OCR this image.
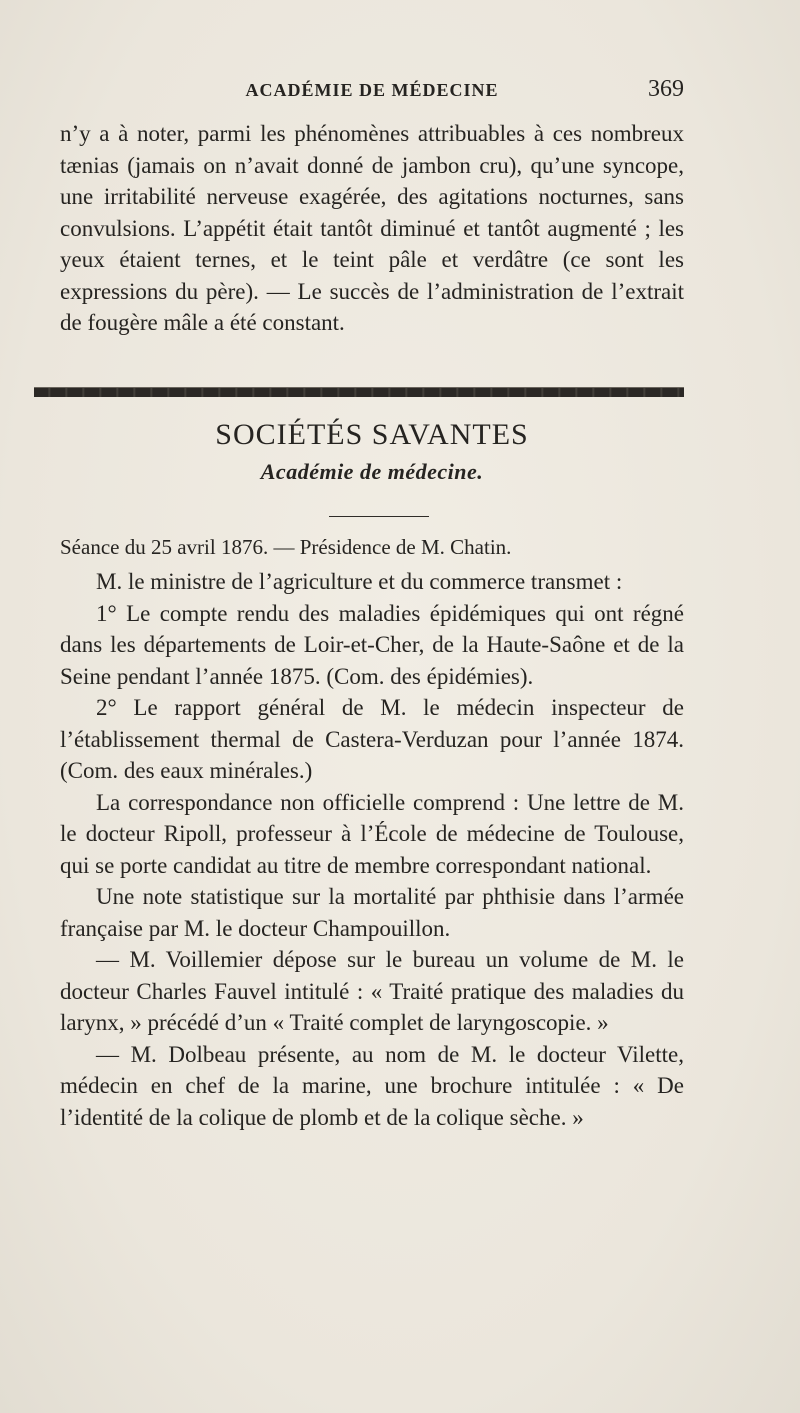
ACADÉMIE DE MÉDECINE	369

n’y a à noter, parmi les phénomènes attribuables à ces nombreux tænias (jamais on n’avait donné de jambon cru), qu’une syncope, une irritabilité nerveuse exagérée, des agitations nocturnes, sans convulsions. L’appétit était tantôt diminué et tantôt augmenté ; les yeux étaient ternes, et le teint pâle et verdâtre (ce sont les expressions du père). — Le succès de l’administration de l’extrait de fougère mâle a été constant.

SOCIÉTÉS SAVANTES
Académie de médecine.
Séance du 25 avril 1876. — Présidence de M. Chatin.

M. le ministre de l’agriculture et du commerce transmet :

1° Le compte rendu des maladies épidémiques qui ont régné dans les départements de Loir-et-Cher, de la Haute-Saône et de la Seine pendant l’année 1875. (Com. des épidémies).

2° Le rapport général de M. le médecin inspecteur de l’établissement thermal de Castera-Verduzan pour l’année 1874. (Com. des eaux minérales.)

La correspondance non officielle comprend : Une lettre de M. le docteur Ripoll, professeur à l’École de médecine de Toulouse, qui se porte candidat au titre de membre correspondant national.

Une note statistique sur la mortalité par phthisie dans l’armée française par M. le docteur Champouillon.

— M. Voillemier dépose sur le bureau un volume de M. le docteur Charles Fauvel intitulé : « Traité pratique des maladies du larynx, » précédé d’un « Traité complet de laryngoscopie. »

— M. Dolbeau présente, au nom de M. le docteur Vilette, médecin en chef de la marine, une brochure intitulée : « De l’identité de la colique de plomb et de la colique sèche. »
